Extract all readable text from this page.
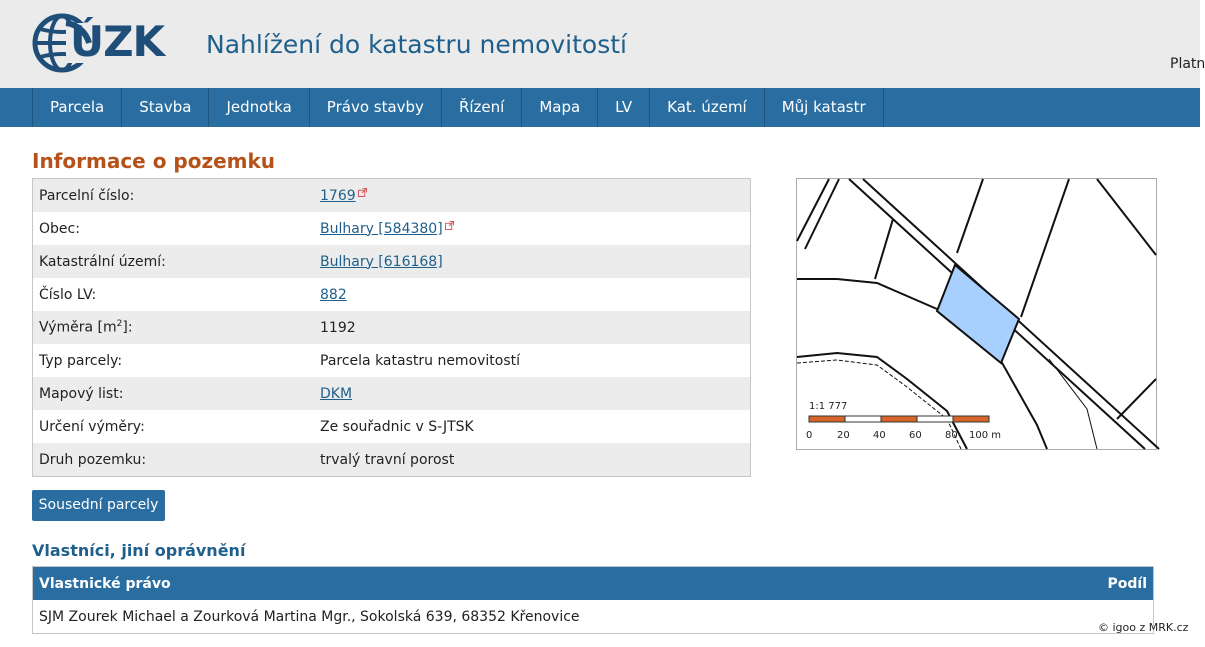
ÚZK Nahlížení do katastru nemovitostí
Platn
Parcela	Stavba	Jednotka	Právo stavby	Řízení	Mapa	LV	Kat. území	Můj katastr
Informace o pozemku
Parcelní číslo:	1769
Obec:	Bulhary [584380]
Katastrální území:	Bulhary [616168]
Číslo LV:	882
Výměra $[m^2]$:	1192
Typ parcely:	Parcela katastru nemovitostí
Mapový list:	DKM
Určení výměry:	Ze souřadnic v S-JTSK
Druh pozemku:	trvalý travní porost
1:1 777
0 20 40 60 80 100 m
Sousední parcely
Vlastníci, jiní oprávnění
Vlastnické právo	Podíl
SJM Zourek Michael a Zourková Martina Mgr., Sokolská 639, 68352 Křenovice
© igoo z MRK.cz
